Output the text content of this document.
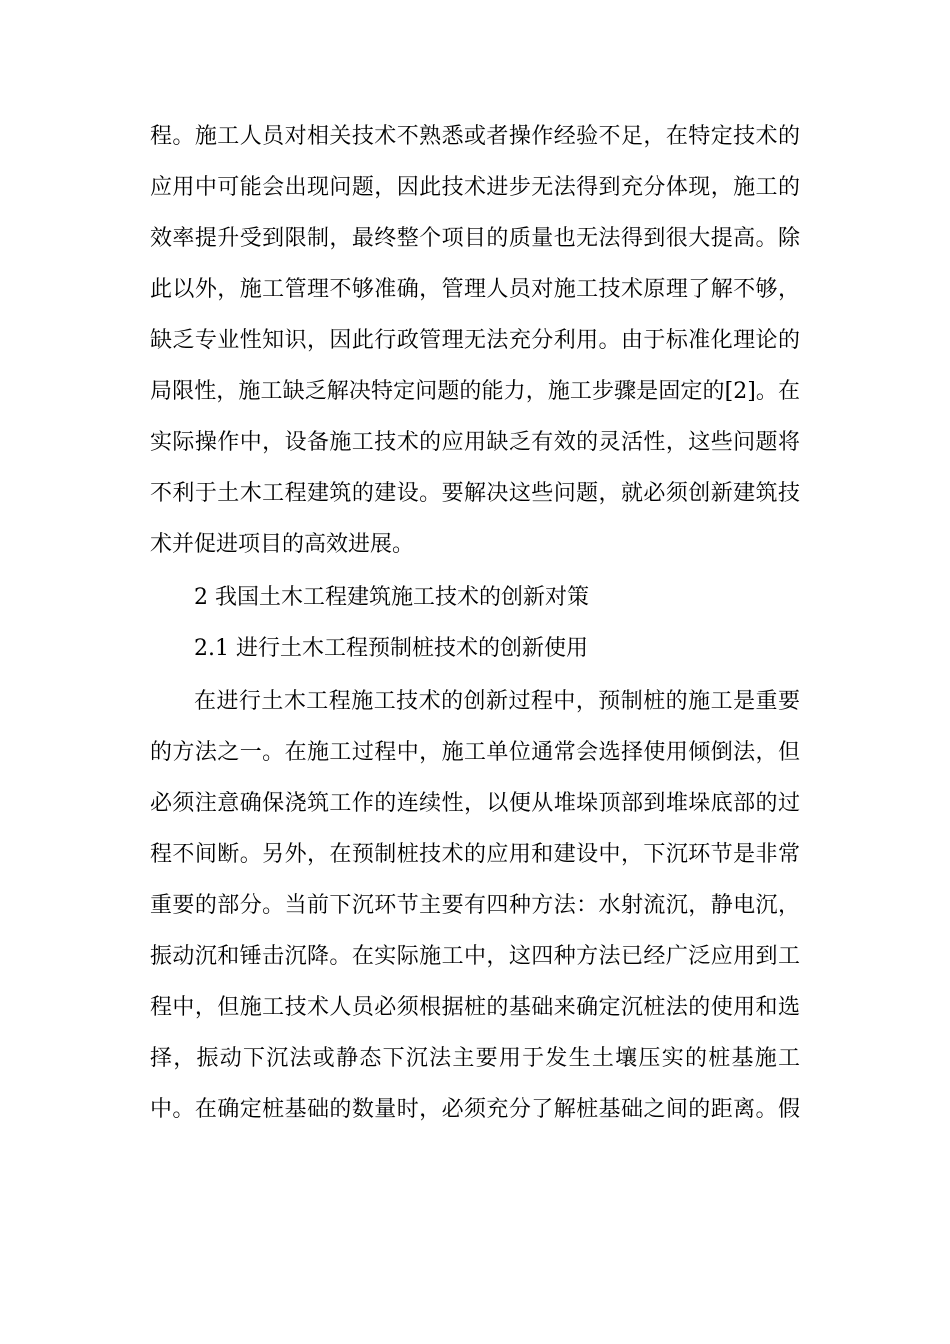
程。施工人员对相关技术不熟悉或者操作经验不足，在特定技术的
应用中可能会出现问题，因此技术进步无法得到充分体现，施工的
效率提升受到限制，最终整个项目的质量也无法得到很大提高。除
此以外，施工管理不够准确，管理人员对施工技术原理了解不够，
缺乏专业性知识，因此行政管理无法充分利用。由于标准化理论的
局限性，施工缺乏解决特定问题的能力，施工步骤是固定的[2]。在
实际操作中，设备施工技术的应用缺乏有效的灵活性，这些问题将
不利于土木工程建筑的建设。要解决这些问题，就必须创新建筑技
术并促进项目的高效进展。
2 我国土木工程建筑施工技术的创新对策
2.1 进行土木工程预制桩技术的创新使用
在进行土木工程施工技术的创新过程中，预制桩的施工是重要
的方法之一。在施工过程中，施工单位通常会选择使用倾倒法，但
必须注意确保浇筑工作的连续性，以便从堆垛顶部到堆垛底部的过
程不间断。另外，在预制桩技术的应用和建设中，下沉环节是非常
重要的部分。当前下沉环节主要有四种方法：水射流沉，静电沉，
振动沉和锤击沉降。在实际施工中，这四种方法已经广泛应用到工
程中，但施工技术人员必须根据桩的基础来确定沉桩法的使用和选
择，振动下沉法或静态下沉法主要用于发生土壤压实的桩基施工
中。在确定桩基础的数量时，必须充分了解桩基础之间的距离。假
